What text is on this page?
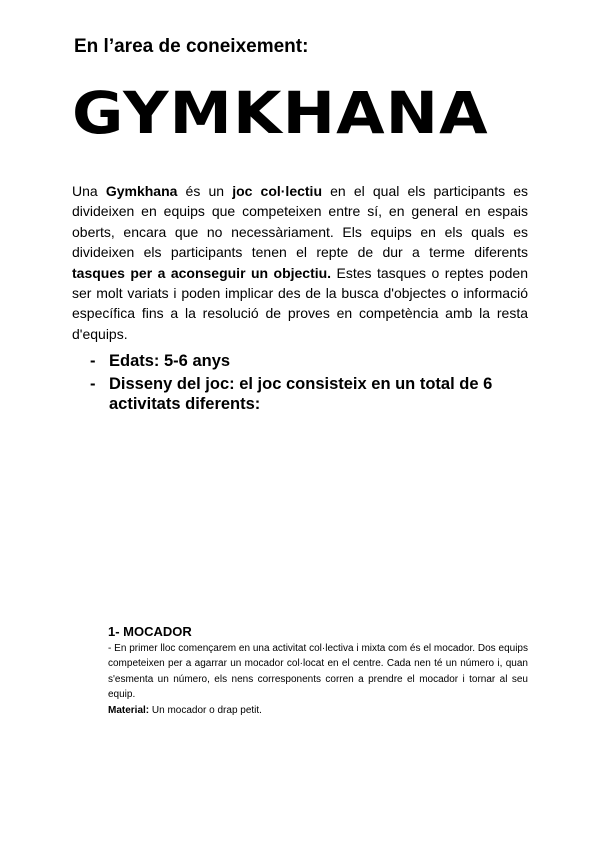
En l’area de coneixement:
GYMKHANA

Una Gymkhana és un joc col·lectiu en el qual els participants es divideixen en equips que competeixen entre sí, en general en espais oberts, encara que no necessàriament. Els equips en els quals es divideixen els participants tenen el repte de dur a terme diferents tasques per a aconseguir un objectiu. Estes tasques o reptes poden ser molt variats i poden implicar des de la busca d'objectes o informació específica fins a la resolució de proves en competència amb la resta d'equips.

- Edats: 5-6 anys
- Disseny del joc: el joc consisteix en un total de 6 activitats diferents:

1- MOCADOR

- En primer lloc començarem en una activitat col·lectiva i mixta com és el mocador. Dos equips competeixen per a agarrar un mocador col·locat en el centre. Cada nen té un número i, quan s'esmenta un número, els nens corresponents corren a prendre el mocador i tornar al seu equip.

Material: Un mocador o drap petit.
